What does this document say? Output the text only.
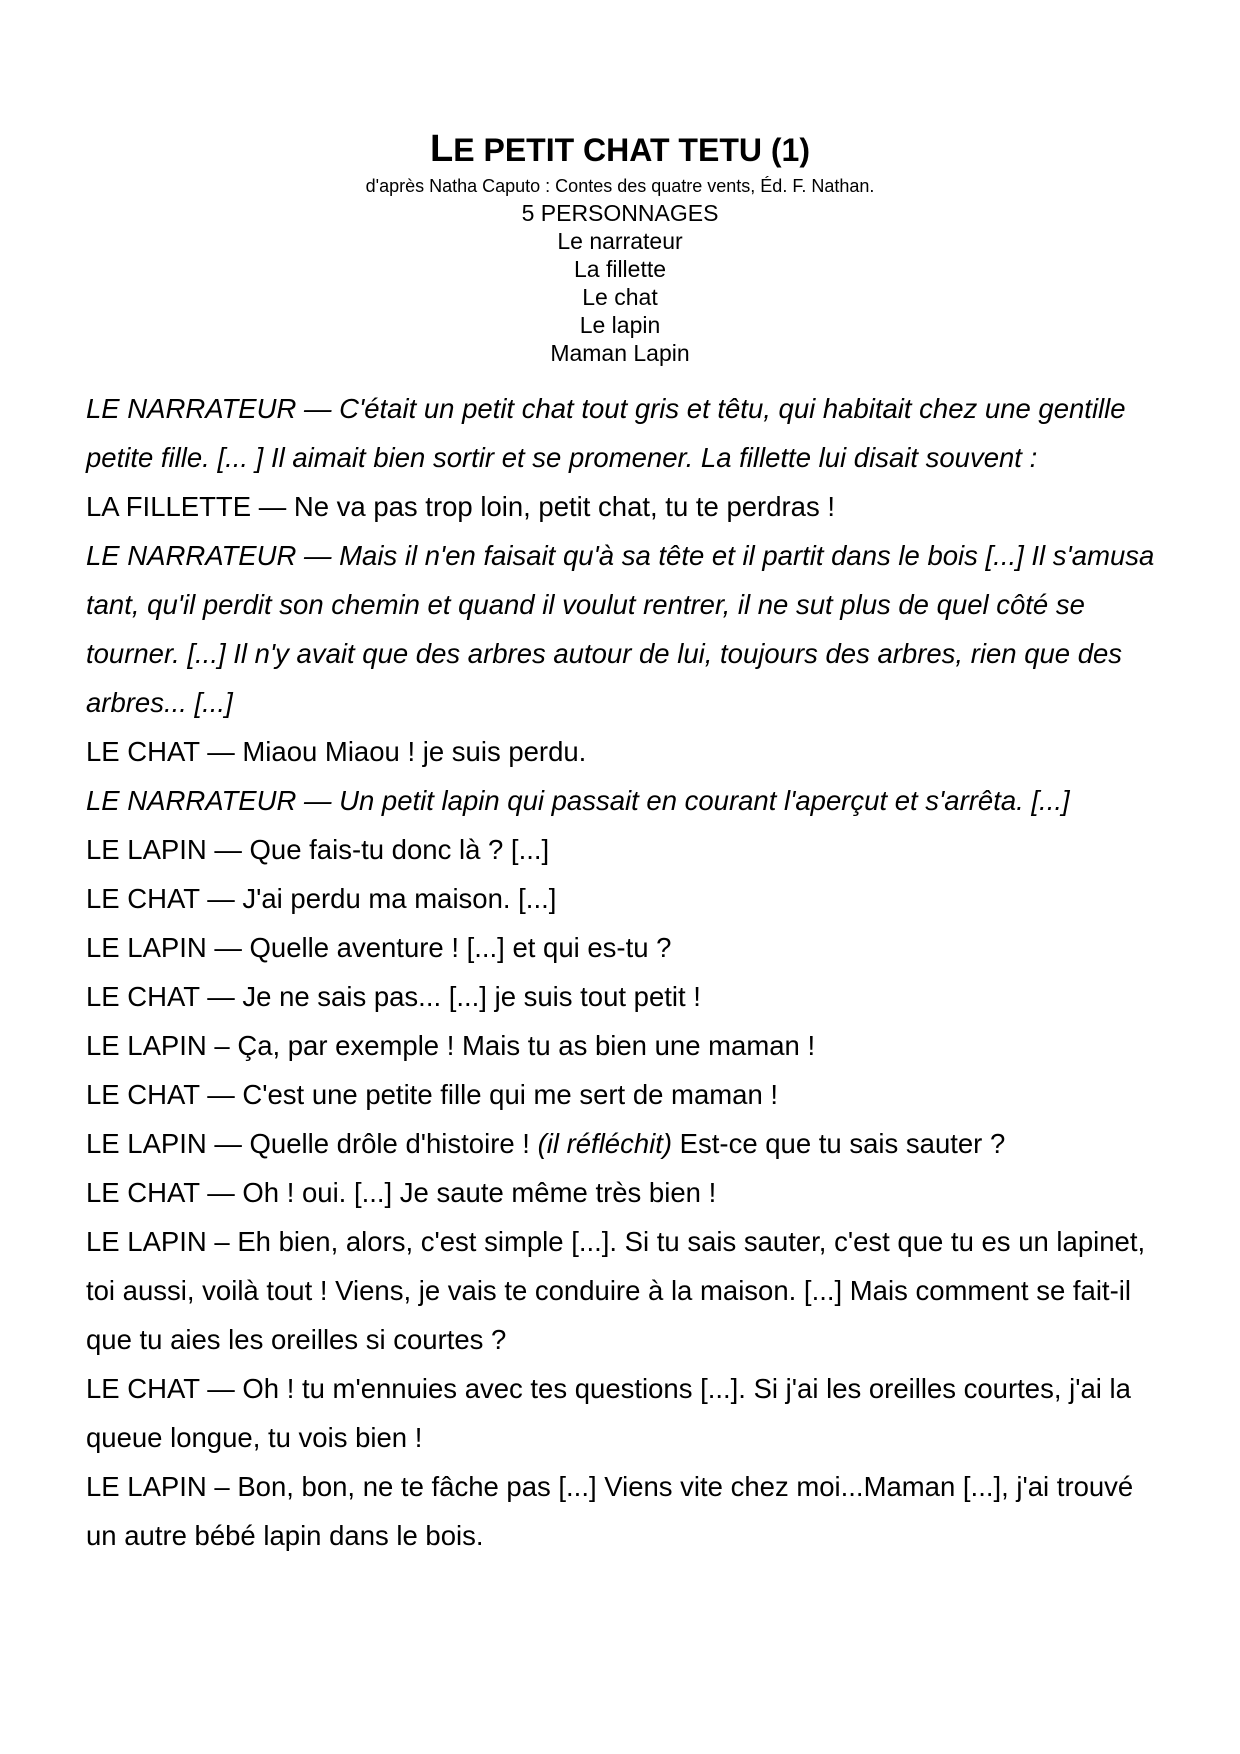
LE PETIT CHAT TETU (1)
d'après Natha Caputo : Contes des quatre vents, Éd. F. Nathan.
5 PERSONNAGES
Le narrateur
La fillette
Le chat
Le lapin
Maman Lapin
LE NARRATEUR — C'était un petit chat tout gris et têtu, qui habitait chez une gentille
petite fille. [... ] Il aimait bien sortir et se promener. La fillette lui disait souvent :
LA FILLETTE — Ne va pas trop loin, petit chat, tu te perdras !
LE NARRATEUR — Mais il n'en faisait qu'à sa tête et il partit dans le bois [...] Il s'amusa
tant, qu'il perdit son chemin et quand il voulut rentrer, il ne sut plus de quel côté se
tourner. [...] Il n'y avait que des arbres autour de lui, toujours des arbres, rien que des
arbres... [...]
LE CHAT — Miaou Miaou ! je suis perdu.
LE NARRATEUR — Un petit lapin qui passait en courant l'aperçut et s'arrêta. [...]
LE LAPIN — Que fais-tu donc là ? [...]
LE CHAT — J'ai perdu ma maison. [...]
LE LAPIN — Quelle aventure ! [...] et qui es-tu ?
LE CHAT — Je ne sais pas... [...] je suis tout petit !
LE LAPIN – Ça, par exemple ! Mais tu as bien une maman !
LE CHAT — C'est une petite fille qui me sert de maman !
LE LAPIN — Quelle drôle d'histoire ! (il réfléchit) Est-ce que tu sais sauter ?
LE CHAT — Oh ! oui. [...] Je saute même très bien !
LE LAPIN – Eh bien, alors, c'est simple [...]. Si tu sais sauter, c'est que tu es un lapinet,
toi aussi, voilà tout ! Viens, je vais te conduire à la maison. [...] Mais comment se fait-il
que tu aies les oreilles si courtes ?
LE CHAT — Oh ! tu m'ennuies avec tes questions [...]. Si j'ai les oreilles courtes, j'ai la
queue longue, tu vois bien !
LE LAPIN – Bon, bon, ne te fâche pas [...] Viens vite chez moi...Maman [...], j'ai trouvé
un autre bébé lapin dans le bois.
